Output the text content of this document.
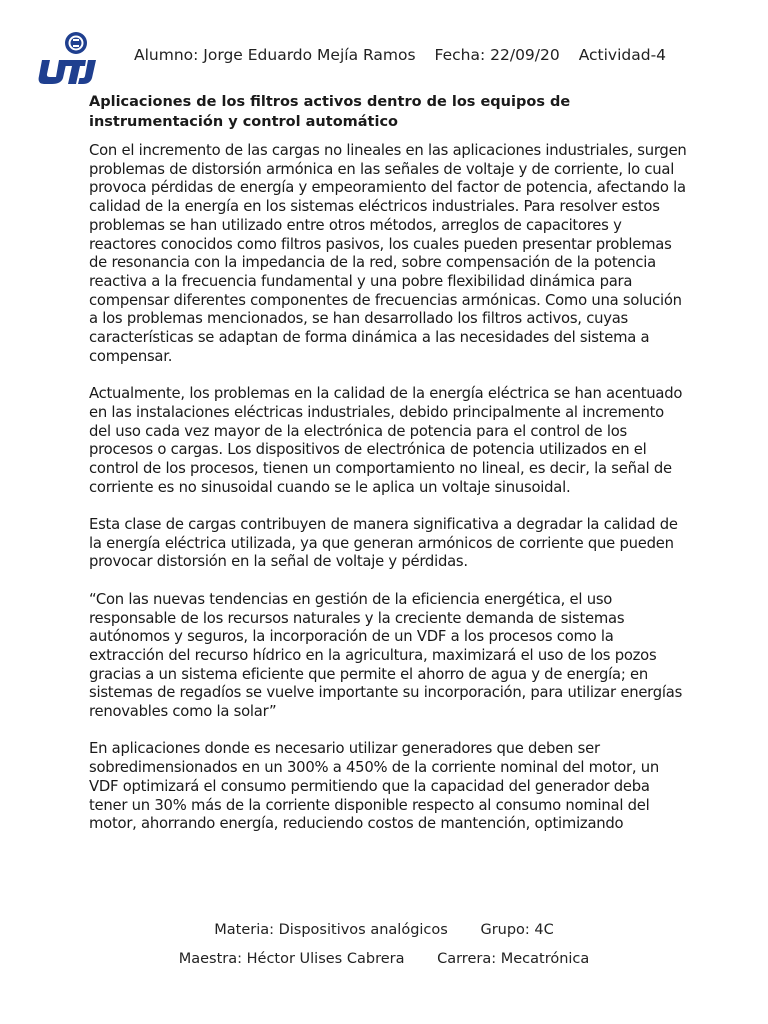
Alumno: Jorge Eduardo Mejía Ramos Fecha: 22/09/20 Actividad-4
Aplicaciones de los filtros activos dentro de los equipos de instrumentación y control automático

Con el incremento de las cargas no lineales en las aplicaciones industriales, surgen problemas de distorsión armónica en las señales de voltaje y de corriente, lo cual provoca pérdidas de energía y empeoramiento del factor de potencia, afectando la calidad de la energía en los sistemas eléctricos industriales. Para resolver estos problemas se han utilizado entre otros métodos, arreglos de capacitores y reactores conocidos como filtros pasivos, los cuales pueden presentar problemas de resonancia con la impedancia de la red, sobre compensación de la potencia reactiva a la frecuencia fundamental y una pobre flexibilidad dinámica para compensar diferentes componentes de frecuencias armónicas. Como una solución a los problemas mencionados, se han desarrollado los filtros activos, cuyas características se adaptan de forma dinámica a las necesidades del sistema a compensar.

Actualmente, los problemas en la calidad de la energía eléctrica se han acentuado en las instalaciones eléctricas industriales, debido principalmente al incremento del uso cada vez mayor de la electrónica de potencia para el control de los procesos o cargas. Los dispositivos de electrónica de potencia utilizados en el control de los procesos, tienen un comportamiento no lineal, es decir, la señal de corriente es no sinusoidal cuando se le aplica un voltaje sinusoidal.

Esta clase de cargas contribuyen de manera significativa a degradar la calidad de la energía eléctrica utilizada, ya que generan armónicos de corriente que pueden provocar distorsión en la señal de voltaje y pérdidas.

“Con las nuevas tendencias en gestión de la eficiencia energética, el uso responsable de los recursos naturales y la creciente demanda de sistemas autónomos y seguros, la incorporación de un VDF a los procesos como la extracción del recurso hídrico en la agricultura, maximizará el uso de los pozos gracias a un sistema eficiente que permite el ahorro de agua y de energía; en sistemas de regadíos se vuelve importante su incorporación, para utilizar energías renovables como la solar”

En aplicaciones donde es necesario utilizar generadores que deben ser sobredimensionados en un 300% a 450% de la corriente nominal del motor, un VDF optimizará el consumo permitiendo que la capacidad del generador deba tener un 30% más de la corriente disponible respecto al consumo nominal del motor, ahorrando energía, reduciendo costos de mantención, optimizando

Materia: Dispositivos analógicos Grupo: 4C
Maestra: Héctor Ulises Cabrera Carrera: Mecatrónica
